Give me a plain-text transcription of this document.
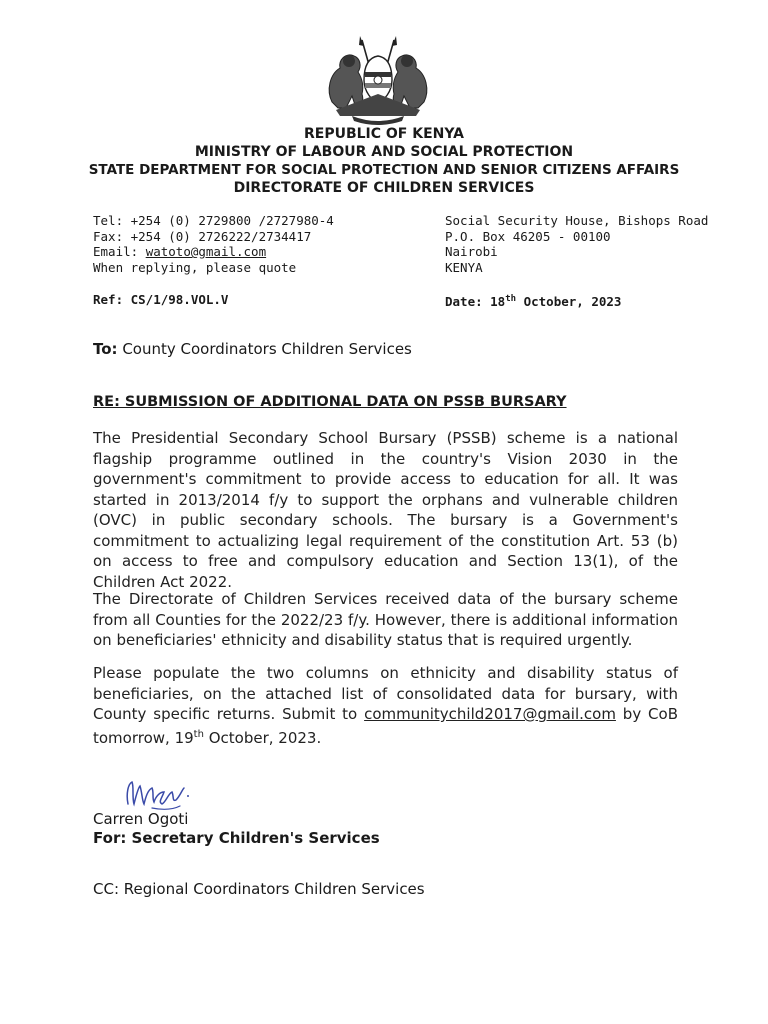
REPUBLIC OF KENYA
MINISTRY OF LABOUR AND SOCIAL PROTECTION
STATE DEPARTMENT FOR SOCIAL PROTECTION AND SENIOR CITIZENS AFFAIRS
DIRECTORATE OF CHILDREN SERVICES
Tel: +254 (0) 2729800 /2727980-4
Fax: +254 (0) 2726222/2734417
Email: watoto@gmail.com
When replying, please quote
Social Security House, Bishops Road
P.O. Box 46205 - 00100
Nairobi
KENYA
Ref: CS/1/98.VOL.V	Date: 18th October, 2023
To: County Coordinators Children Services
RE: SUBMISSION OF ADDITIONAL DATA ON PSSB BURSARY
The Presidential Secondary School Bursary (PSSB) scheme is a national flagship programme outlined in the country's Vision 2030 in the government's commitment to provide access to education for all. It was started in 2013/2014 f/y to support the orphans and vulnerable children (OVC) in public secondary schools. The bursary is a Government's commitment to actualizing legal requirement of the constitution Art. 53 (b) on access to free and compulsory education and Section 13(1), of the Children Act 2022.
The Directorate of Children Services received data of the bursary scheme from all Counties for the 2022/23 f/y. However, there is additional information on beneficiaries' ethnicity and disability status that is required urgently.
Please populate the two columns on ethnicity and disability status of beneficiaries, on the attached list of consolidated data for bursary, with County specific returns. Submit to communitychild2017@gmail.com by CoB tomorrow, 19th October, 2023.
Carren Ogoti
For: Secretary Children's Services
CC: Regional Coordinators Children Services
